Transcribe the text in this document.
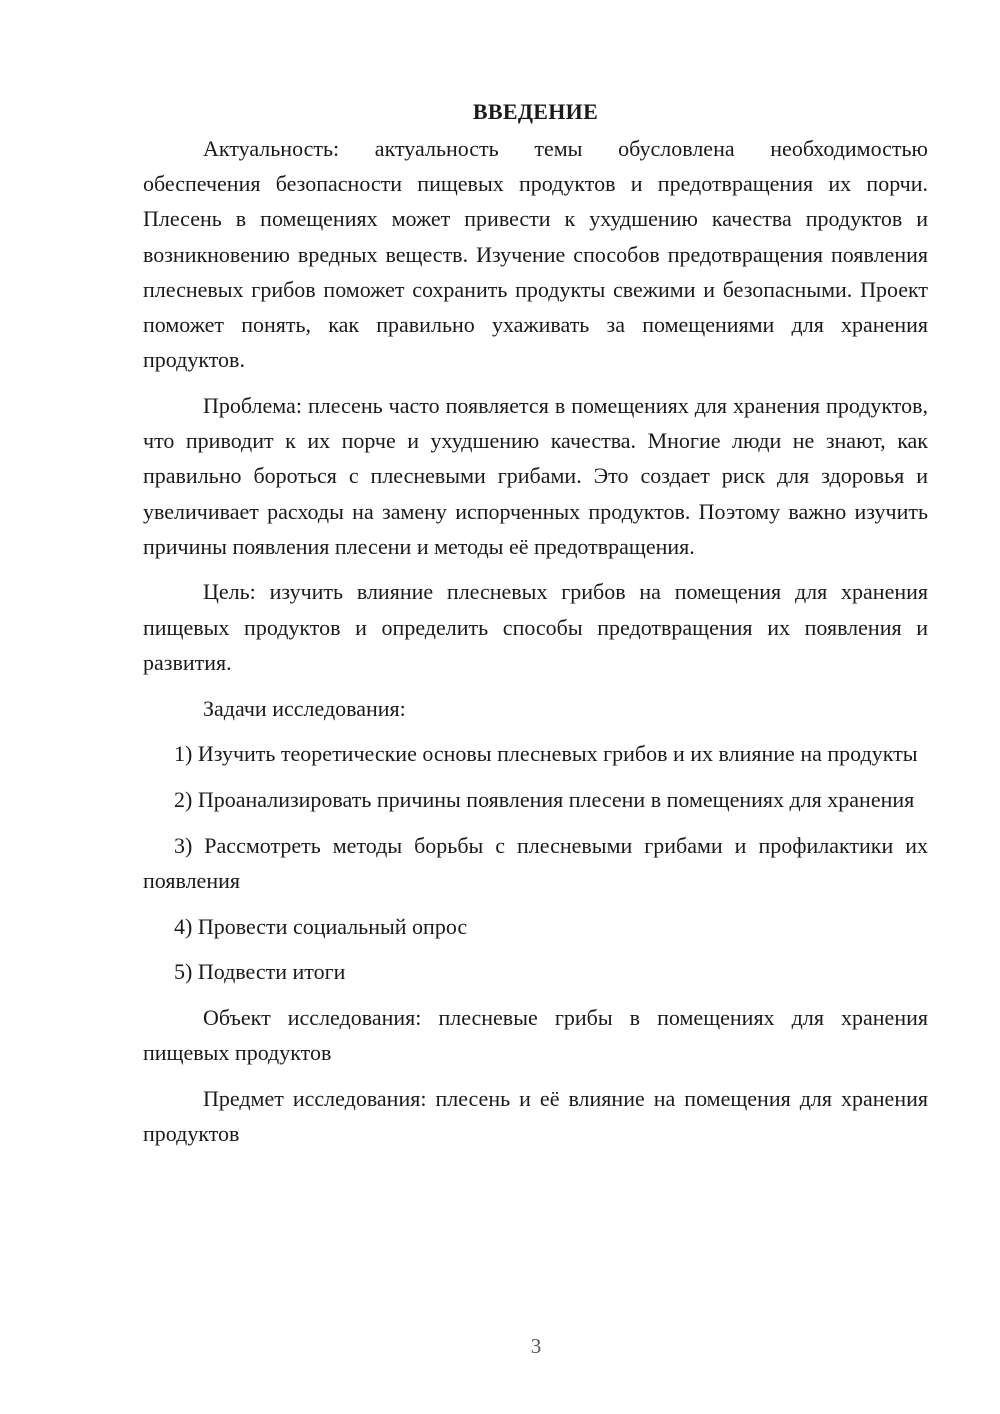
ВВЕДЕНИЕ

Актуальность: актуальность темы обусловлена необходимостью обеспечения безопасности пищевых продуктов и предотвращения их порчи. Плесень в помещениях может привести к ухудшению качества продуктов и возникновению вредных веществ. Изучение способов предотвращения появления плесневых грибов поможет сохранить продукты свежими и безопасными. Проект поможет понять, как правильно ухаживать за помещениями для хранения продуктов.

Проблема: плесень часто появляется в помещениях для хранения продуктов, что приводит к их порче и ухудшению качества. Многие люди не знают, как правильно бороться с плесневыми грибами. Это создает риск для здоровья и увеличивает расходы на замену испорченных продуктов. Поэтому важно изучить причины появления плесени и методы её предотвращения.

Цель: изучить влияние плесневых грибов на помещения для хранения пищевых продуктов и определить способы предотвращения их появления и развития.

Задачи исследования:

1) Изучить теоретические основы плесневых грибов и их влияние на продукты
2) Проанализировать причины появления плесени в помещениях для хранения
3) Рассмотреть методы борьбы с плесневыми грибами и профилактики их появления
4) Провести социальный опрос
5) Подвести итоги

Объект исследования: плесневые грибы в помещениях для хранения пищевых продуктов

Предмет исследования: плесень и её влияние на помещения для хранения продуктов

3
